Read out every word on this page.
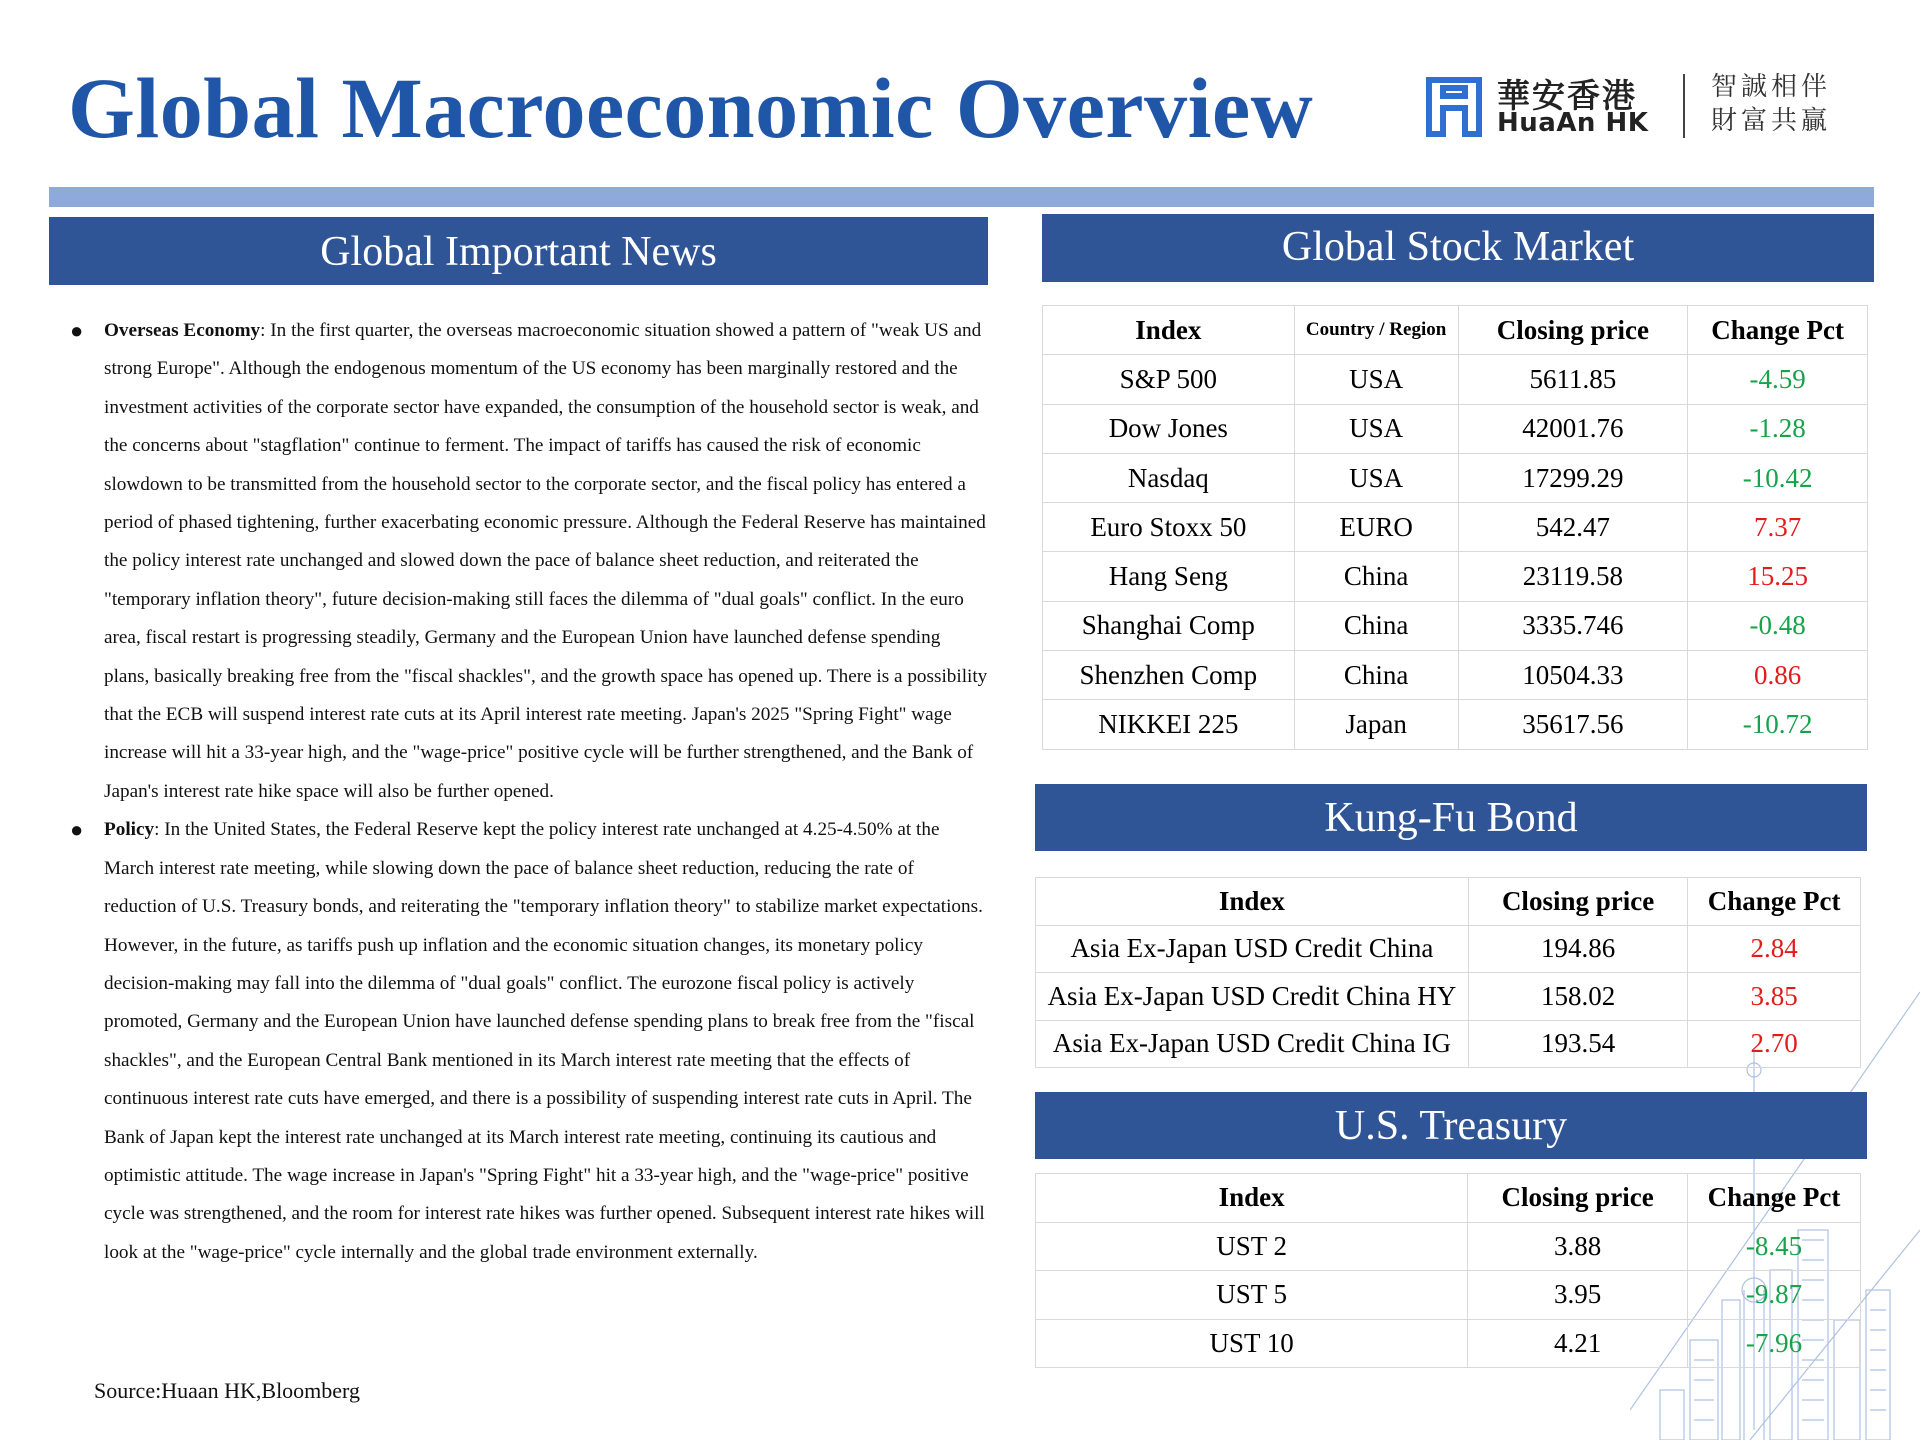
Global Macroeconomic Overview	華安香港
HuaAn HK
智誠相伴
財富共贏
Global Important News	Global Stock Market
Kung-Fu Bond
U.S. Treasury
● Overseas Economy: In the first quarter, the overseas macroeconomic situation showed a pattern of "weak US and strong Europe". Although the endogenous momentum of the US economy has been marginally restored and the investment activities of the corporate sector have expanded, the consumption of the household sector is weak, and the concerns about "stagflation" continue to ferment. The impact of tariffs has caused the risk of economic slowdown to be transmitted from the household sector to the corporate sector, and the fiscal policy has entered a period of phased tightening, further exacerbating economic pressure. Although the Federal Reserve has maintained the policy interest rate unchanged and slowed down the pace of balance sheet reduction, and reiterated the "temporary inflation theory", future decision-making still faces the dilemma of "dual goals" conflict. In the euro area, fiscal restart is progressing steadily, Germany and the European Union have launched defense spending plans, basically breaking free from the "fiscal shackles", and the growth space has opened up. There is a possibility that the ECB will suspend interest rate cuts at its April interest rate meeting. Japan's 2025 "Spring Fight" wage increase will hit a 33-year high, and the "wage-price" positive cycle will be further strengthened, and the Bank of Japan's interest rate hike space will also be further opened.
● Policy: In the United States, the Federal Reserve kept the policy interest rate unchanged at 4.25-4.50% at the March interest rate meeting, while slowing down the pace of balance sheet reduction, reducing the rate of reduction of U.S. Treasury bonds, and reiterating the "temporary inflation theory" to stabilize market expectations. However, in the future, as tariffs push up inflation and the economic situation changes, its monetary policy decision-making may fall into the dilemma of "dual goals" conflict. The eurozone fiscal policy is actively promoted, Germany and the European Union have launched defense spending plans to break free from the "fiscal shackles", and the European Central Bank mentioned in its March interest rate meeting that the effects of continuous interest rate cuts have emerged, and there is a possibility of suspending interest rate cuts in April. The Bank of Japan kept the interest rate unchanged at its March interest rate meeting, continuing its cautious and optimistic attitude. The wage increase in Japan's "Spring Fight" hit a 33-year high, and the "wage-price" positive cycle was strengthened, and the room for interest rate hikes was further opened. Subsequent interest rate hikes will look at the "wage-price" cycle internally and the global trade environment externally.
Source:Huaan HK,Bloomberg
Index	Country / Region	Closing price	Change Pct
S&P 500	USA	5611.85	-4.59
Dow Jones	USA	42001.76	-1.28
Nasdaq	USA	17299.29	-10.42
Euro Stoxx 50	EURO	542.47	7.37
Hang Seng	China	23119.58	15.25
Shanghai Comp	China	3335.746	-0.48
Shenzhen Comp	China	10504.33	0.86
NIKKEI 225	Japan	35617.56	-10.72
Index	Closing price	Change Pct
Asia Ex-Japan USD Credit China	194.86	2.84
Asia Ex-Japan USD Credit China HY	158.02	3.85
Asia Ex-Japan USD Credit China IG	193.54	2.70
Index	Closing price	Change Pct
UST 2	3.88	-8.45
UST 5	3.95	-9.87
UST 10	4.21	-7.96
